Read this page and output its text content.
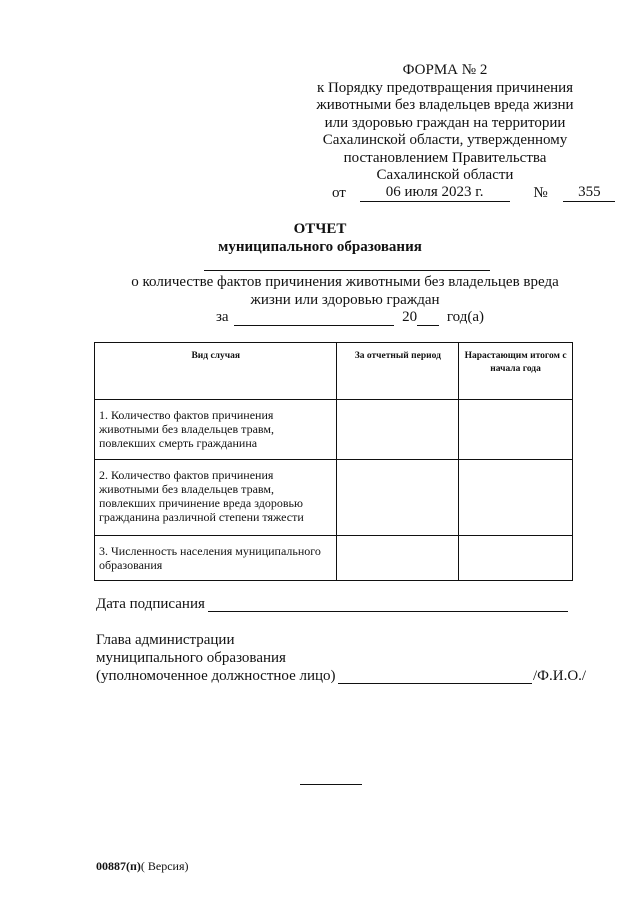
ФОРМА № 2
к Порядку предотвращения причинения
животными без владельцев вреда жизни
или здоровью граждан на территории
Сахалинской области, утвержденному
постановлением Правительства
Сахалинской области
от	06 июля 2023 г.	№ 355
ОТЧЕТ
муниципального образования
о количестве фактов причинения животными без владельцев вреда
жизни или здоровью граждан
за	20 год(а)
Вид случая	За отчетный период	Нарастающим итогом с начала года

1. Количество фактов причинения животными без владельцев травм, повлекших смерть гражданина		

2. Количество фактов причинения животными без владельцев травм, повлекших причинение вреда здоровью гражданина различной степени тяжести		

3. Численность населения муниципального образования		

Дата подписания
Глава администрации
муниципального образования
(уполномоченное должностное лицо)	/Ф.И.О./
00887(п)( Версия)
